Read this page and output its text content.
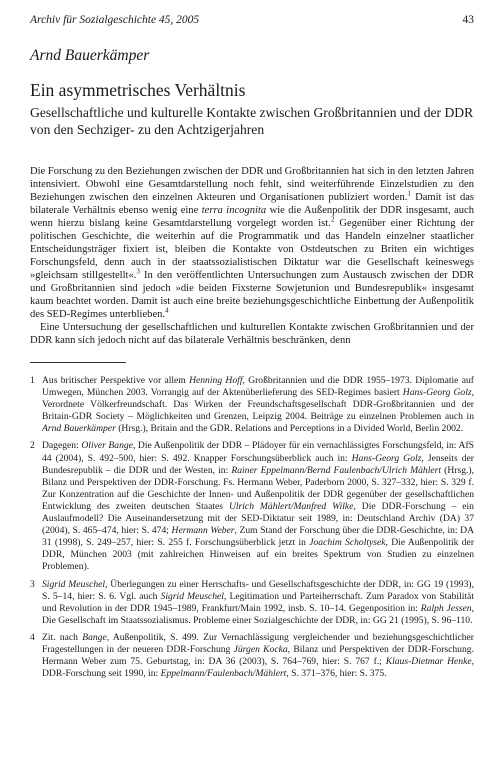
Archiv für Sozialgeschichte 45, 2005	43
Arnd Bauerkämper
Ein asymmetrisches Verhältnis
Gesellschaftliche und kulturelle Kontakte zwischen Großbritannien und der DDR von den Sechziger- zu den Achtzigerjahren

Die Forschung zu den Beziehungen zwischen der DDR und Großbritannien hat sich in den letzten Jahren intensiviert. Obwohl eine Gesamtdarstellung noch fehlt, sind weiterführende Einzelstudien zu den Beziehungen zwischen den einzelnen Akteuren und Organisationen publiziert worden.$^1$ Damit ist das bilaterale Verhältnis ebenso wenig eine terra incognita wie die Außenpolitik der DDR insgesamt, auch wenn hierzu bislang keine Gesamtdarstellung vorgelegt worden ist.$^2$ Gegenüber einer Richtung der politischen Geschichte, die weiterhin auf die Programmatik und das Handeln einzelner staatlicher Entscheidungsträger fixiert ist, bleiben die Kontakte von Ostdeutschen zu Briten ein wichtiges Forschungsfeld, denn auch in der staatssozialistischen Diktatur war die Gesellschaft keineswegs »gleichsam stillgestellt«.$^3$ In den veröffentlichten Untersuchungen zum Austausch zwischen der DDR und Großbritannien sind jedoch »die beiden Fixsterne Sowjetunion und Bundesrepublik« insgesamt kaum beachtet worden. Damit ist auch eine breite beziehungsgeschichtliche Einbettung der Außenpolitik des SED-Regimes unterblieben.$^4$

Eine Untersuchung der gesellschaftlichen und kulturellen Kontakte zwischen Großbritannien und der DDR kann sich jedoch nicht auf das bilaterale Verhältnis beschränken, denn

1 Aus britischer Perspektive vor allem Henning Hoff, Großbritannien und die DDR 1955–1973. Diplomatie auf Umwegen, München 2003. Vorrangig auf der Aktenüberlieferung des SED-Regimes basiert Hans-Georg Golz, Verordnete Völkerfreundschaft. Das Wirken der Freundschaftsgesellschaft DDR-Großbritannien und der Britain-GDR Society – Möglichkeiten und Grenzen, Leipzig 2004. Beiträge zu einzelnen Problemen auch in Arnd Bauerkämper (Hrsg.), Britain and the GDR. Relations and Perceptions in a Divided World, Berlin 2002.
2 Dagegen: Oliver Bange, Die Außenpolitik der DDR – Plädoyer für ein vernachlässigtes Forschungsfeld, in: AfS 44 (2004), S. 492–500, hier: S. 492. Knapper Forschungsüberblick auch in: Hans-Georg Golz, Jenseits der Bundesrepublik – die DDR und der Westen, in: Rainer Eppelmann/Bernd Faulenbach/Ulrich Mählert (Hrsg.), Bilanz und Perspektiven der DDR-Forschung. Fs. Hermann Weber, Paderborn 2000, S. 327–332, hier: S. 329 f. Zur Konzentration auf die Geschichte der Innen- und Außenpolitik der DDR gegenüber der gesellschaftlichen Entwicklung des zweiten deutschen Staates Ulrich Mählert/Manfred Wilke, Die DDR-Forschung – ein Auslaufmodell? Die Auseinandersetzung mit der SED-Diktatur seit 1989, in: Deutschland Archiv (DA) 37 (2004), S. 465–474, hier: S. 474; Hermann Weber, Zum Stand der Forschung über die DDR-Geschichte, in: DA 31 (1998), S. 249–257, hier: S. 255 f. Forschungsüberblick jetzt in Joachim Scholtysek, Die Außenpolitik der DDR, München 2003 (mit zahlreichen Hinweisen auf ein breites Spektrum von Studien zu einzelnen Problemen).
3 Sigrid Meuschel, Überlegungen zu einer Herrschafts- und Gesellschaftsgeschichte der DDR, in: GG 19 (1993), S. 5–14, hier: S. 6. Vgl. auch Sigrid Meuschel, Legitimation und Parteiherrschaft. Zum Paradox von Stabilität und Revolution in der DDR 1945–1989, Frankfurt/Main 1992, insb. S. 10–14. Gegenposition in: Ralph Jessen, Die Gesellschaft im Staatssozialismus. Probleme einer Sozialgeschichte der DDR, in: GG 21 (1995), S. 96–110.
4 Zit. nach Bange, Außenpolitik, S. 499. Zur Vernachlässigung vergleichender und beziehungsgeschichtlicher Fragestellungen in der neueren DDR-Forschung Jürgen Kocka, Bilanz und Perspektiven der DDR-Forschung. Hermann Weber zum 75. Geburtstag, in: DA 36 (2003), S. 764–769, hier: S. 767 f.; Klaus-Dietmar Henke, DDR-Forschung seit 1990, in: Eppelmann/Faulenbach/Mählert, S. 371–376, hier: S. 375.
